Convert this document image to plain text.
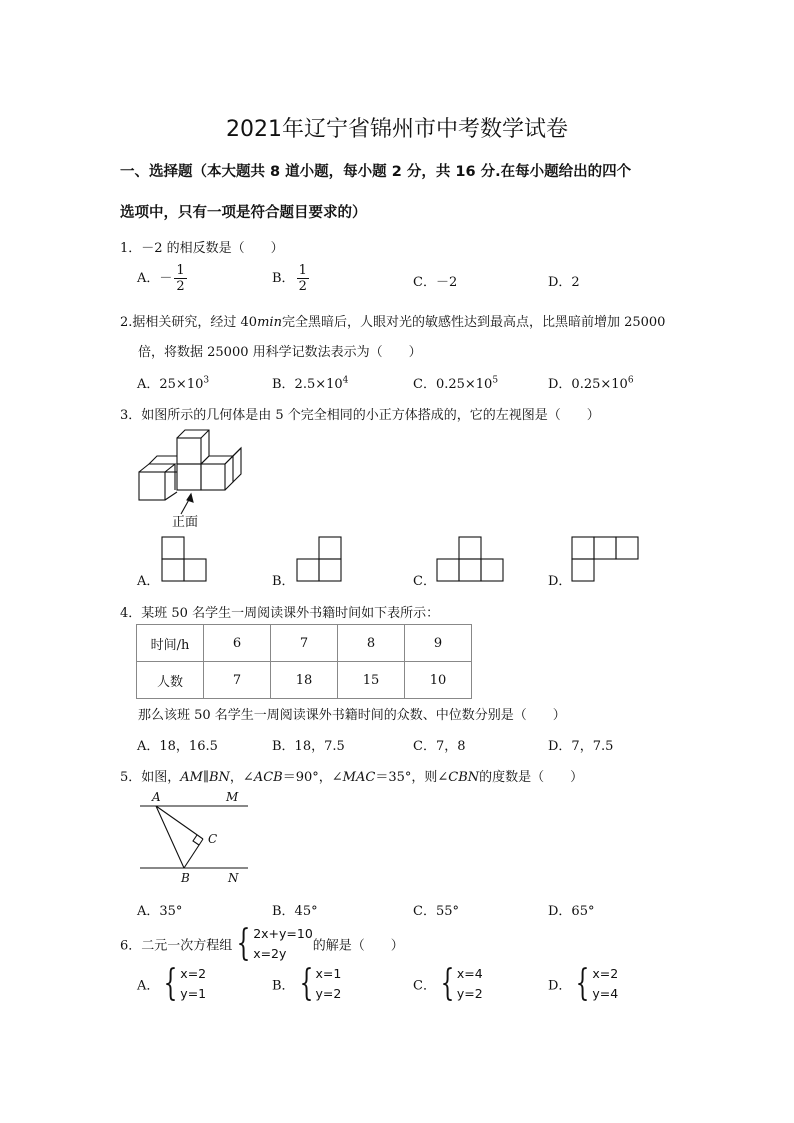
2021年辽宁省锦州市中考数学试卷
一、选择题（本大题共 8 道小题，每小题 2 分，共 16 分.在每小题给出的四个
选项中，只有一项是符合题目要求的）
1．－2 的相反数是（　　）
A．－ $\frac{1}{2}$	B． $\frac{1}{2}$	C．－2	D．2
2.据相关研究，经过 40min完全黑暗后，人眼对光的敏感性达到最高点，比黑暗前增加 25000
倍，将数据 25000 用科学记数法表示为（　　）
A．$25\times 10^3$	B．$2.5\times 10^4$	C．$0.25\times 10^5$	D．$0.25\times 10^6$
3．如图所示的几何体是由 5 个完全相同的小正方体搭成的，它的左视图是（　　）
正面
A．	B．	C．	D．
4．某班 50 名学生一周阅读课外书籍时间如下表所示：
时间/h	6	7	8	9
人数	7	18	15	10
那么该班 50 名学生一周阅读课外书籍时间的众数、中位数分别是（　　）
A．18，16.5	B．18，7.5	C．7，8	D．7，7.5
5．如图，AM∥BN，∠ACB＝90°，∠MAC＝35°，则∠CBN的度数是（　　）
A	M
C
B	N
A．35°	B．45°	C．55°	D．65°
6．二元一次方程组 { 2x+y=10
x=2y	的解是（　　）
A． { x=2
y=1	B． { x=1
y=2	C． { x=4
y=2	D． { x=2
y=4
